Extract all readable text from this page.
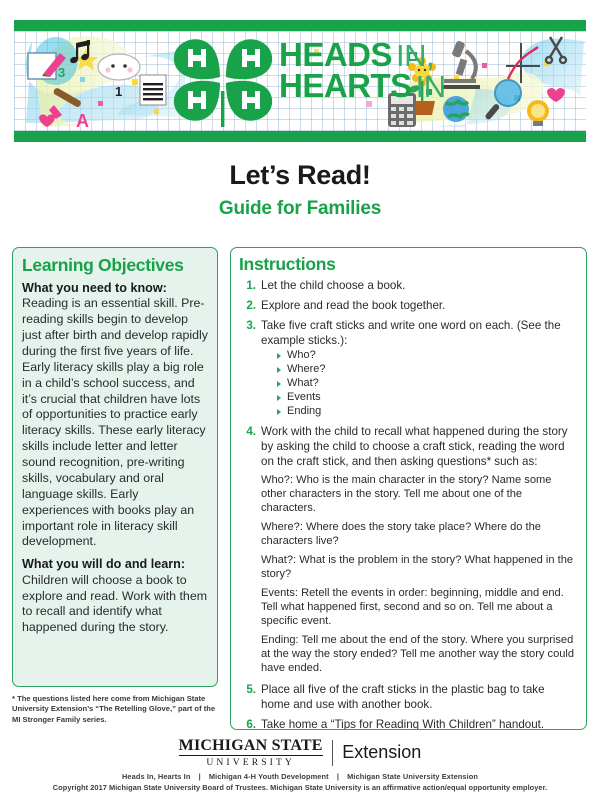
1
3
A
HEADS IN,
HEARTS IN
Let’s Read!
Guide for Families
Learning Objectives

What you need to know:
Reading is an essential skill. Pre-reading skills begin to develop just after birth and develop rapidly during the first five years of life. Early literacy skills play a big role in a child’s school success, and it’s crucial that children have lots of opportunities to practice early literacy skills. These early literacy skills include letter and letter sound recognition, pre-writing skills, vocabulary and oral language skills. Early experiences with books play an important role in literacy skill development.

What you will do and learn:
Children will choose a book to explore and read. Work with them to recall and identify what happened during the story.

* The questions listed here come from Michigan State University Extension’s “The Retelling Glove,” part of the MI Stronger Family series.
Instructions
1. Let the child choose a book.
2. Explore and read the book together.
3. Take five craft sticks and write one word on each. (See the example sticks.):
Who?
Where?
What?
Events
Ending
4. Work with the child to recall what happened during the story by asking the child to choose a craft stick, reading the word on the craft stick, and then asking questions* such as:

Who?: Who is the main character in the story? Name some other characters in the story. Tell me about one of the characters.

Where?: Where does the story take place? Where do the characters live?

What?: What is the problem in the story? What happened in the story?

Events: Retell the events in order: beginning, middle and end. Tell what happened first, second and so on. Tell me about a specific event.

Ending: Tell me about the end of the story. Where you surprised at the way the story ended? Tell me another way the story could have ended.

5. Place all five of the craft sticks in the plastic bag to take home and use with another book.
6. Take home a “Tips for Reading With Children” handout.
MICHIGAN STATE
UNIVERSITY
Extension
Heads In, Hearts In | Michigan 4-H Youth Development | Michigan State University Extension
Copyright 2017 Michigan State University Board of Trustees. Michigan State University is an affirmative action/equal opportunity employer.
